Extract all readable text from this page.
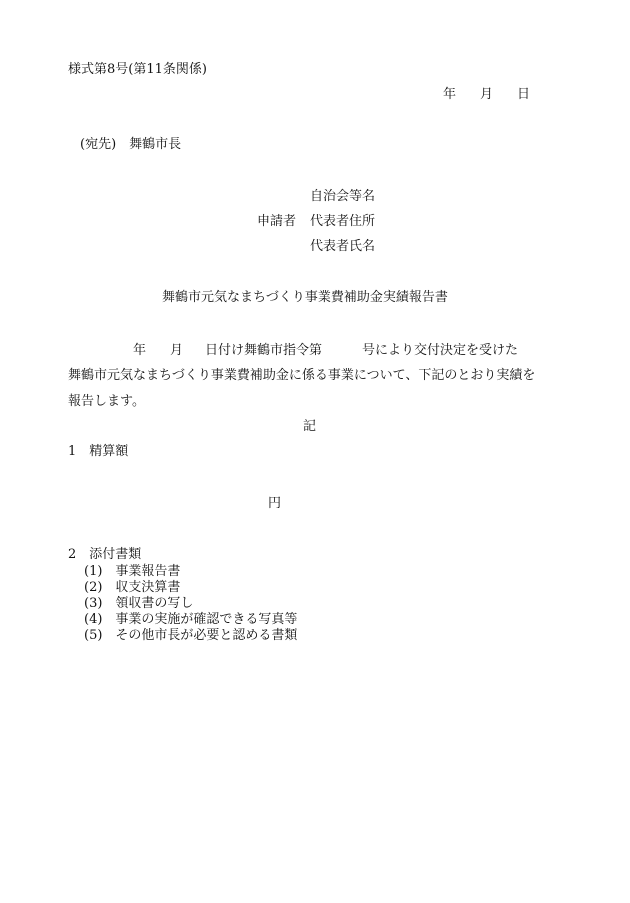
様式第8号(第11条関係)
年 月 日
(宛先)　舞鶴市長
自治会等名
申請者 代表者住所
代表者氏名
舞鶴市元気なまちづくり事業費補助金実績報告書
年 月 日付け舞鶴市指令第	号により交付決定を受けた
舞鶴市元気なまちづくり事業費補助金に係る事業について、下記のとおり実績を
報告します。
記
1　精算額
円
2　添付書類
(1)　事業報告書
(2)　収支決算書
(3)　領収書の写し
(4)　事業の実施が確認できる写真等
(5)　その他市長が必要と認める書類
